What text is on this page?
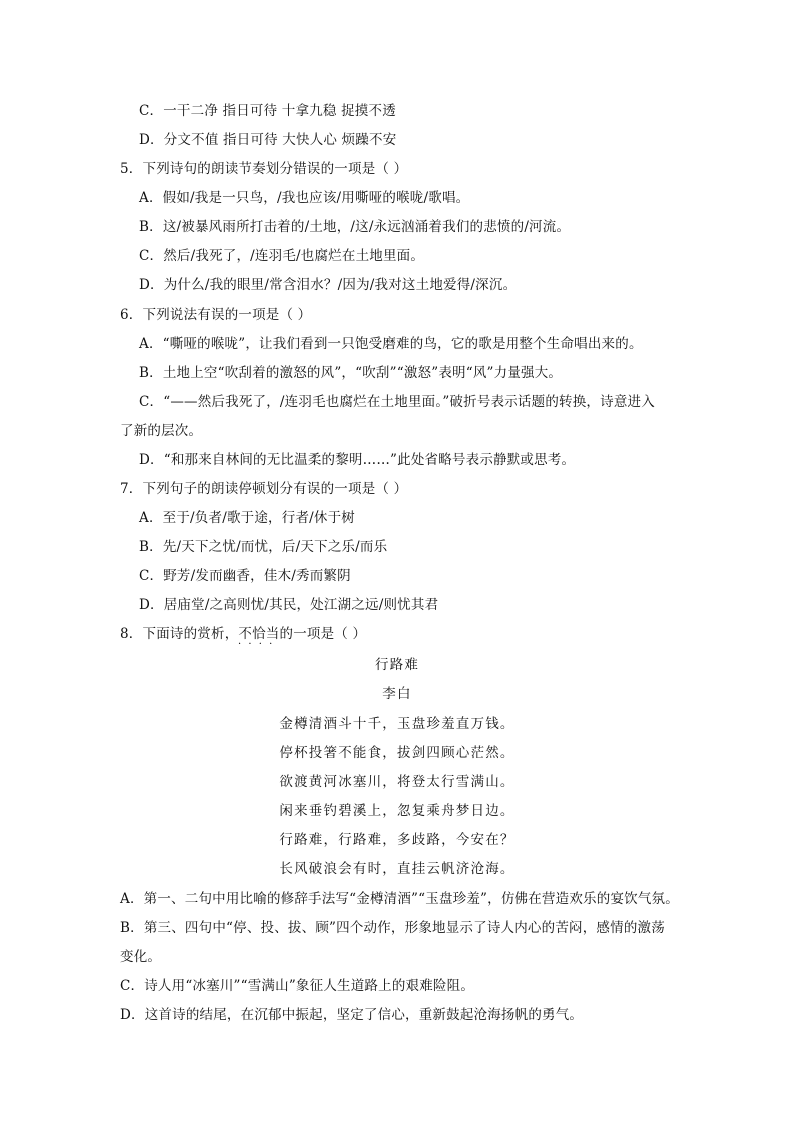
C．一干二净 指日可待 十拿九稳 捉摸不透
D．分文不值 指日可待 大快人心 烦躁不安
5．下列诗句的朗读节奏划分错误的一项是（ ）
A．假如/我是一只鸟，/我也应该/用嘶哑的喉咙/歌唱。
B．这/被暴风雨所打击着的/土地，/这/永远汹涌着我们的悲愤的/河流。
C．然后/我死了，/连羽毛/也腐烂在土地里面。
D．为什么/我的眼里/常含泪水？/因为/我对这土地爱得/深沉。
6．下列说法有误的一项是（ ）
A．“嘶哑的喉咙”，让我们看到一只饱受磨难的鸟，它的歌是用整个生命唱出来的。
B．土地上空“吹刮着的激怒的风”，“吹刮”“激怒”表明“风”力量强大。
C．“——然后我死了，/连羽毛也腐烂在土地里面。”破折号表示话题的转换，诗意进入
了新的层次。
D．“和那来自林间的无比温柔的黎明……”此处省略号表示静默或思考。
7．下列句子的朗读停顿划分有误的一项是（ ）
A．至于/负者/歌于途，行者/休于树
B．先/天下之忧/而忧，后/天下之乐/而乐
C．野芳/发而幽香，佳木/秀而繁阴
D．居庙堂/之高则忧/其民，处江湖之远/则忧其君
8．下面诗的赏析，不恰当的一项是（ ）
····
行路难
李白
金樽清酒斗十千，玉盘珍羞直万钱。
停杯投箸不能食，拔剑四顾心茫然。
欲渡黄河冰塞川，将登太行雪满山。
闲来垂钓碧溪上，忽复乘舟梦日边。
行路难，行路难，多歧路，今安在？
长风破浪会有时，直挂云帆济沧海。
A．第一、二句中用比喻的修辞手法写“金樽清酒”“玉盘珍羞”，仿佛在营造欢乐的宴饮气氛。
B．第三、四句中“停、投、拔、顾”四个动作，形象地显示了诗人内心的苦闷，感情的激荡
变化。
C．诗人用“冰塞川”“雪满山”象征人生道路上的艰难险阻。
D．这首诗的结尾，在沉郁中振起，坚定了信心，重新鼓起沧海扬帆的勇气。
